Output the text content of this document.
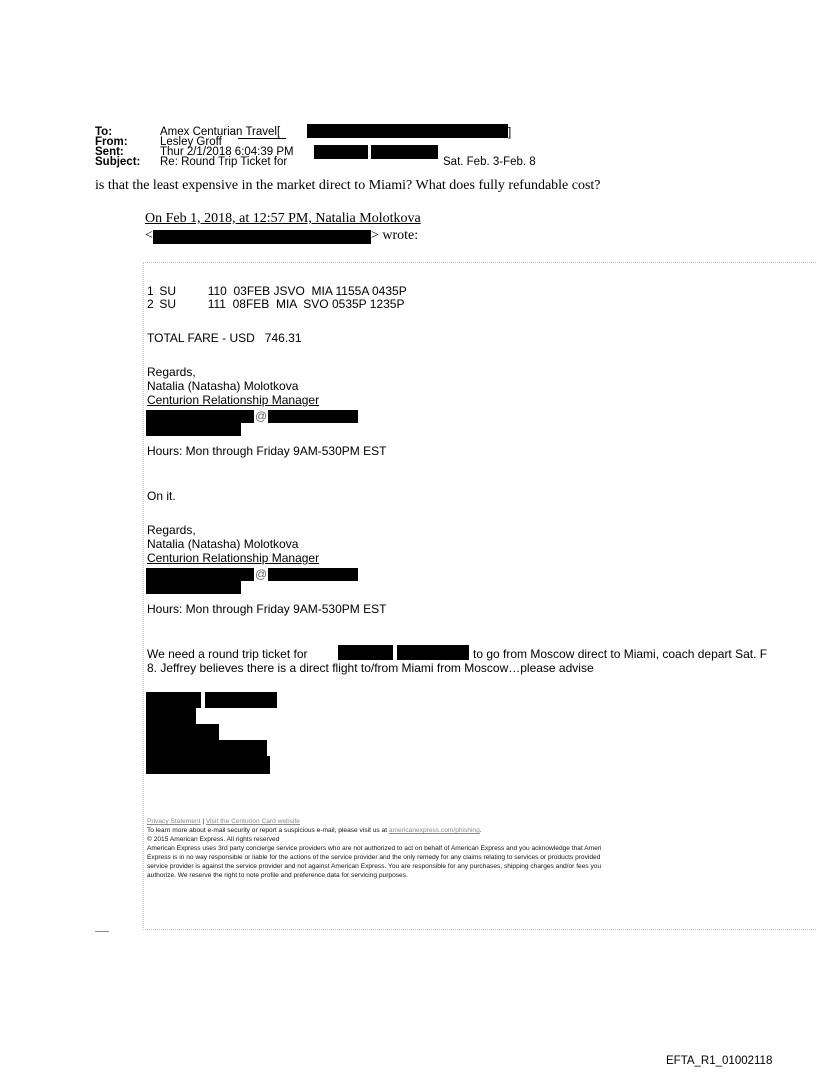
To:	Amex Centurian Travel[
From:	Lesley Groff
Sent:	Thur 2/1/2018 6:04:39 PM
Subject: Re: Round Trip Ticket for
]
Sat. Feb. 3-Feb. 8
is that the least expensive in the market direct to Miami? What does fully refundable cost?
On Feb 1, 2018, at 12:57 PM, Natalia Molotkova
<	> wrote:
1 SU	110  03FEB JSVO  MIA 1155A 0435P
2 SU	111  08FEB  MIA  SVO 0535P 1235P
TOTAL FARE - USD   746.31
Regards,
Natalia (Natasha) Molotkova
Centurion Relationship Manager
@
Hours: Mon through Friday 9AM-530PM EST
On it.
Regards,
Natalia (Natasha) Molotkova
Centurion Relationship Manager
@
Hours: Mon through Friday 9AM-530PM EST
We need a round trip ticket for	to go from Moscow direct to Miami, coach depart Sat. F
8. Jeffrey believes there is a direct flight to/from Miami from Moscow…please advise
Privacy Statement | Visit the Centurion Card website
To learn more about e-mail security or report a suspicious e-mail, please visit us at americanexpress.com/phishing.
© 2015 American Express. All rights reserved
American Express uses 3rd party concierge service providers who are not authorized to act on behalf of American Express and you acknowledge that Ameri
Express is in no way responsible or liable for the actions of the service provider and the only remedy for any claims relating to services or products provided
service provider is against the service provider and not against American Express. You are responsible for any purchases, shipping charges and/or fees you
authorize. We reserve the right to note profile and preference data for servicing purposes.
EFTA_R1_01002118
